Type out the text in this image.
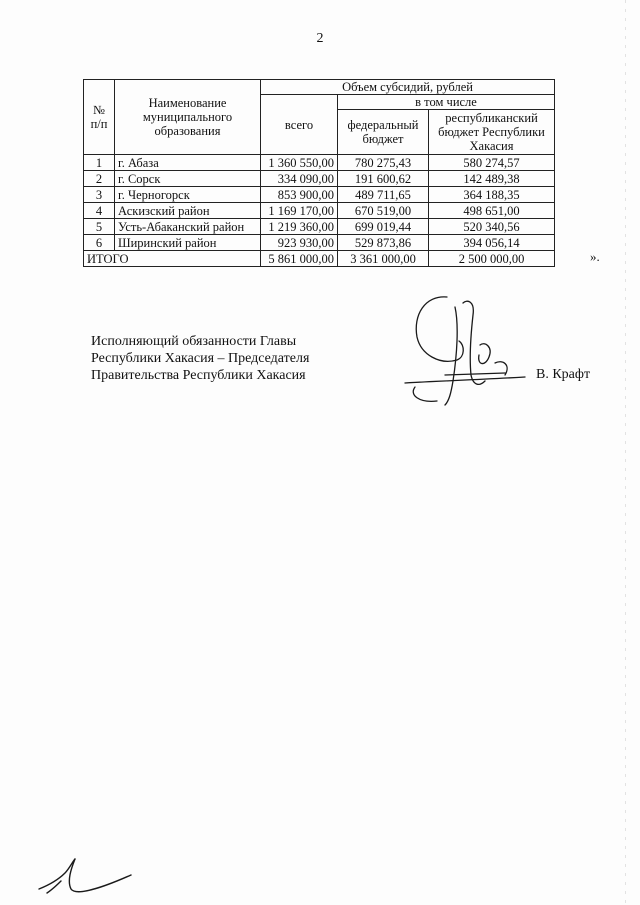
2
№ п/п	Наименование муниципального образования	Объем субсидий, рублей		
		всего	в том числе	
			федеральный бюджет	республиканский бюджет Республики Хакасия
1	г. Абаза	1 360 550,00	780 275,43	580 274,57
2	г. Сорск	334 090,00	191 600,62	142 489,38
3	г. Черногорск	853 900,00	489 711,65	364 188,35
4	Аскизский район	1 169 170,00	670 519,00	498 651,00
5	Усть-Абаканский район	1 219 360,00	699 019,44	520 340,56
6	Ширинский район	923 930,00	529 873,86	394 056,14
ИТОГО		5 861 000,00	3 361 000,00	2 500 000,00	».
Исполняющий обязанности Главы
Республики Хакасия – Председателя
Правительства Республики Хакасия	В. Крафт
